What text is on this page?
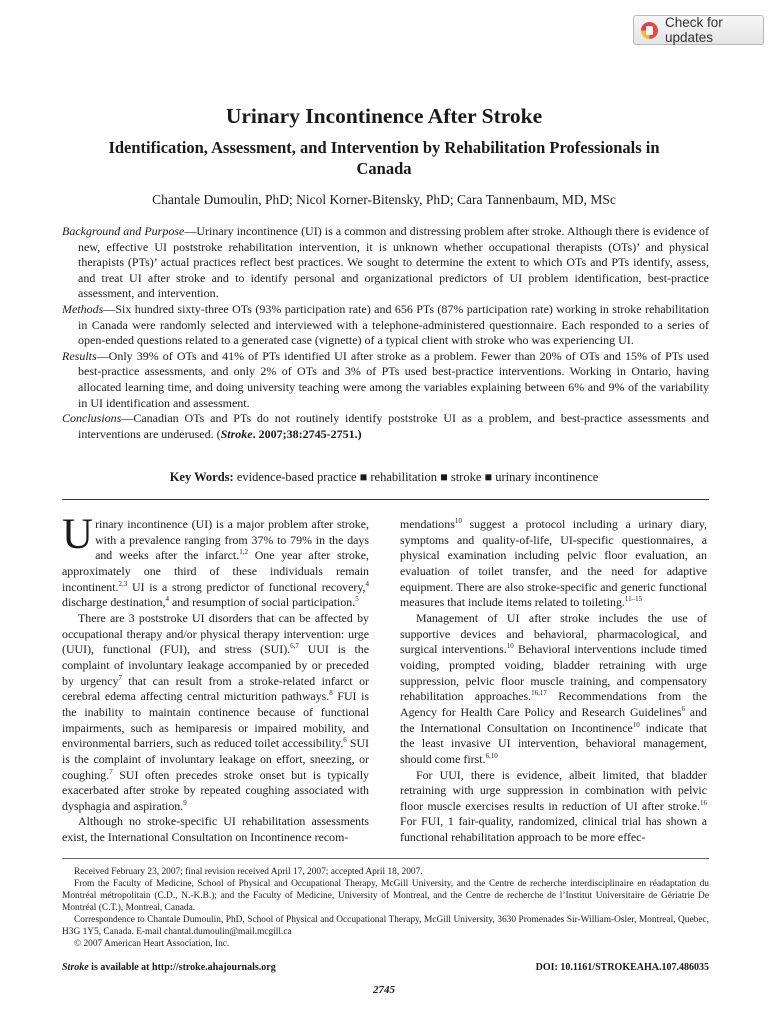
Check for updates
Urinary Incontinence After Stroke
Identification, Assessment, and Intervention by Rehabilitation Professionals in Canada

Chantale Dumoulin, PhD; Nicol Korner-Bitensky, PhD; Cara Tannenbaum, MD, MSc

Background and Purpose—Urinary incontinence (UI) is a common and distressing problem after stroke. Although there is evidence of new, effective UI poststroke rehabilitation intervention, it is unknown whether occupational therapists (OTs)’ and physical therapists (PTs)’ actual practices reflect best practices. We sought to determine the extent to which OTs and PTs identify, assess, and treat UI after stroke and to identify personal and organizational predictors of UI problem identification, best-practice assessment, and intervention.

Methods—Six hundred sixty-three OTs (93% participation rate) and 656 PTs (87% participation rate) working in stroke rehabilitation in Canada were randomly selected and interviewed with a telephone-administered questionnaire. Each responded to a series of open-ended questions related to a generated case (vignette) of a typical client with stroke who was experiencing UI.

Results—Only 39% of OTs and 41% of PTs identified UI after stroke as a problem. Fewer than 20% of OTs and 15% of PTs used best-practice assessments, and only 2% of OTs and 3% of PTs used best-practice interventions. Working in Ontario, having allocated learning time, and doing university teaching were among the variables explaining between 6% and 9% of the variability in UI identification and assessment.

Conclusions—Canadian OTs and PTs do not routinely identify poststroke UI as a problem, and best-practice assessments and interventions are underused. (Stroke. 2007;38:2745-2751.)

Key Words: evidence-based practice ■ rehabilitation ■ stroke ■ urinary incontinence

Urinary incontinence (UI) is a major problem after stroke, with a prevalence ranging from 37% to 79% in the days and weeks after the infarct.$^{1,2}$ One year after stroke, approximately one third of these individuals remain incontinent.$^{2,3}$ UI is a strong predictor of functional recovery,$^4$ discharge destination,$^4$ and resumption of social participation.$^5$

There are 3 poststroke UI disorders that can be affected by occupational therapy and/or physical therapy intervention: urge (UUI), functional (FUI), and stress (SUI).$^{6,7}$ UUI is the complaint of involuntary leakage accompanied by or preceded by urgency$^7$ that can result from a stroke-related infarct or cerebral edema affecting central micturition pathways.$^8$ FUI is the inability to maintain continence because of functional impairments, such as hemiparesis or impaired mobility, and environmental barriers, such as reduced toilet accessibility.$^6$ SUI is the complaint of involuntary leakage on effort, sneezing, or coughing.$^7$ SUI often precedes stroke onset but is typically exacerbated after stroke by repeated coughing associated with dysphagia and aspiration.$^9$

Although no stroke-specific UI rehabilitation assessments exist, the International Consultation on Incontinence recom-

mendations$^{10}$ suggest a protocol including a urinary diary, symptoms and quality-of-life, UI-specific questionnaires, a physical examination including pelvic floor evaluation, an evaluation of toilet transfer, and the need for adaptive equipment. There are also stroke-specific and generic functional measures that include items related to toileting.$^{11-15}$

Management of UI after stroke includes the use of supportive devices and behavioral, pharmacological, and surgical interventions.$^{10}$ Behavioral interventions include timed voiding, prompted voiding, bladder retraining with urge suppression, pelvic floor muscle training, and compensatory rehabilitation approaches.$^{16,17}$ Recommendations from the Agency for Health Care Policy and Research Guidelines$^6$ and the International Consultation on Incontinence$^{10}$ indicate that the least invasive UI intervention, behavioral management, should come first.$^{6,10}$

For UUI, there is evidence, albeit limited, that bladder retraining with urge suppression in combination with pelvic floor muscle exercises results in reduction of UI after stroke.$^{16}$ For FUI, 1 fair-quality, randomized, clinical trial has shown a functional rehabilitation approach to be more effec-

Received February 23, 2007; final revision received April 17, 2007; accepted April 18, 2007.

From the Faculty of Medicine, School of Physical and Occupational Therapy, McGill University, and the Centre de recherche interdisciplinaire en réadaptation du Montréal métropolitain (C.D., N.-K.B.); and the Faculty of Medicine, University of Montreal, and the Centre de recherche de l’Institut Universitaire de Gériatrie De Montréal (C.T.), Montreal, Canada.

Correspondence to Chantale Dumoulin, PhD, School of Physical and Occupational Therapy, McGill University, 3630 Promenades Sir-William-Osler, Montreal, Quebec, H3G 1Y5, Canada. E-mail chantal.dumoulin@mail.mcgill.ca

© 2007 American Heart Association, Inc.

Stroke is available at http://stroke.ahajournals.org	DOI: 10.1161/STROKEAHA.107.486035
2745
